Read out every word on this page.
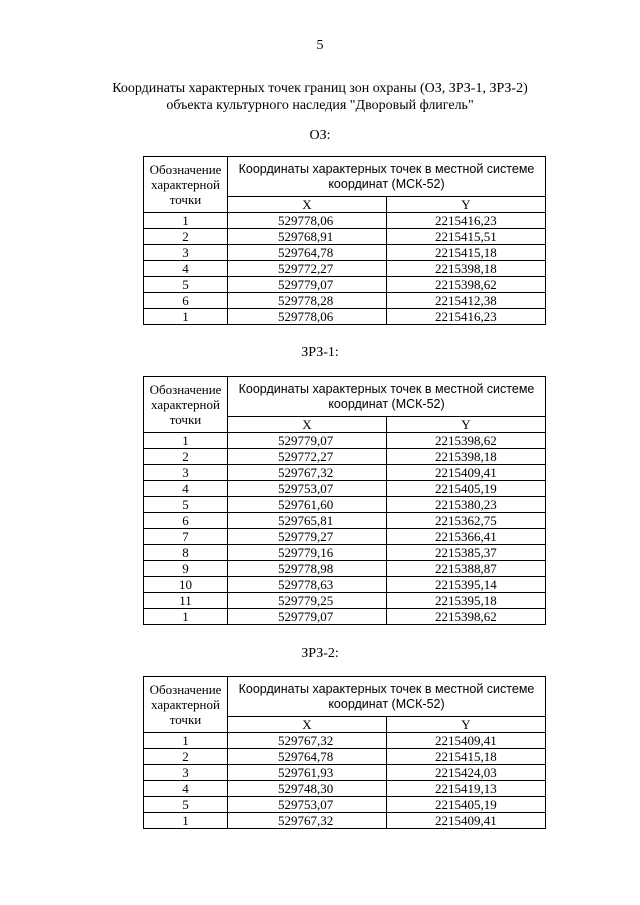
5
Координаты характерных точек границ зон охраны (ОЗ, ЗРЗ-1, ЗРЗ-2)
объекта культурного наследия "Дворовый флигель"
ОЗ:
Обозначение характерной точки	Координаты характерных точек в местной системе координат (МСК-52)	
	X	Y
1	529778,06	2215416,23
2	529768,91	2215415,51
3	529764,78	2215415,18
4	529772,27	2215398,18
5	529779,07	2215398,62
6	529778,28	2215412,38
1	529778,06	2215416,23
ЗРЗ-1:
Обозначение характерной точки	Координаты характерных точек в местной системе координат (МСК-52)	
	X	Y
1	529779,07	2215398,62
2	529772,27	2215398,18
3	529767,32	2215409,41
4	529753,07	2215405,19
5	529761,60	2215380,23
6	529765,81	2215362,75
7	529779,27	2215366,41
8	529779,16	2215385,37
9	529778,98	2215388,87
10	529778,63	2215395,14
11	529779,25	2215395,18
1	529779,07	2215398,62
ЗРЗ-2:
Обозначение характерной точки	Координаты характерных точек в местной системе координат (МСК-52)	
	X	Y
1	529767,32	2215409,41
2	529764,78	2215415,18
3	529761,93	2215424,03
4	529748,30	2215419,13
5	529753,07	2215405,19
1	529767,32	2215409,41
